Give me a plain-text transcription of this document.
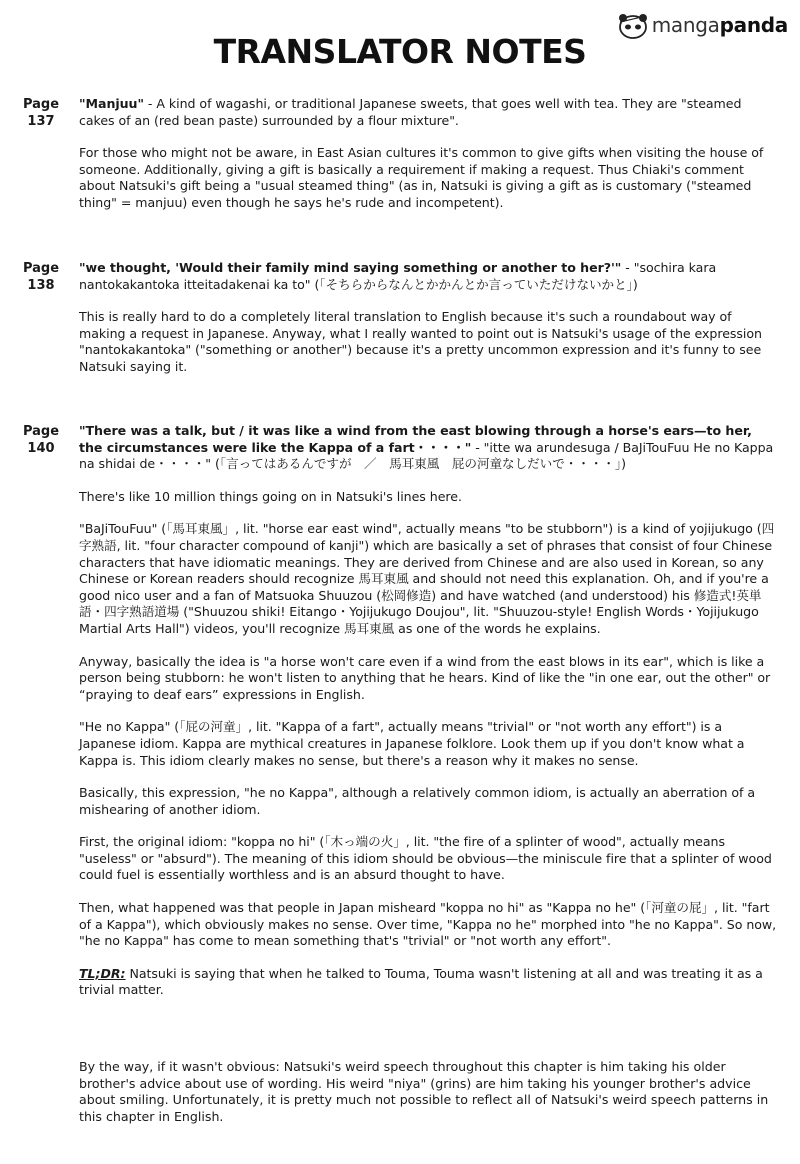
manga panda
TRANSLATOR NOTES
Page
137

"Manjuu" - A kind of wagashi, or traditional Japanese sweets, that goes well with tea. They are "steamed cakes of an (red bean paste) surrounded by a flour mixture".

For those who might not be aware, in East Asian cultures it's common to give gifts when visiting the house of someone. Additionally, giving a gift is basically a requirement if making a request. Thus Chiaki's comment about Natsuki's gift being a "usual steamed thing" (as in, Natsuki is giving a gift as is customary ("steamed thing" = manjuu) even though he says he's rude and incompetent).

Page
138

"we thought, 'Would their family mind saying something or another to her?'" - "sochira kara nantokakantoka itteitadakenai ka to" (「そちらからなんとかかんとか言っていただけないかと」)

This is really hard to do a completely literal translation to English because it's such a roundabout way of making a request in Japanese. Anyway, what I really wanted to point out is Natsuki's usage of the expression "nantokakantoka" ("something or another") because it's a pretty uncommon expression and it's funny to see Natsuki saying it.

Page
140

"There was a talk, but / it was like a wind from the east blowing through a horse's ears—to her, the circumstances were like the Kappa of a fart・・・・" - "itte wa arundesuga / BaJiTouFuu He no Kappa na shidai de・・・・" (「言ってはあるんですが　／　馬耳東風　屁の河童なしだいで・・・・」)

There's like 10 million things going on in Natsuki's lines here.

"BaJiTouFuu" (「馬耳東風」, lit. "horse ear east wind", actually means "to be stubborn") is a kind of yojijukugo (四字熟語, lit. "four character compound of kanji") which are basically a set of phrases that consist of four Chinese characters that have idiomatic meanings. They are derived from Chinese and are also used in Korean, so any Chinese or Korean readers should recognize 馬耳東風 and should not need this explanation. Oh, and if you're a good nico user and a fan of Matsuoka Shuuzou (松岡修造) and have watched (and understood) his 修造式!英単語・四字熟語道場 ("Shuuzou shiki! Eitango・Yojijukugo Doujou", lit. "Shuuzou-style! English Words・Yojijukugo Martial Arts Hall") videos, you'll recognize 馬耳東風 as one of the words he explains.

Anyway, basically the idea is "a horse won't care even if a wind from the east blows in its ear", which is like a person being stubborn: he won't listen to anything that he hears. Kind of like the "in one ear, out the other" or “praying to deaf ears” expressions in English.

"He no Kappa" (「屁の河童」, lit. "Kappa of a fart", actually means "trivial" or "not worth any effort") is a Japanese idiom. Kappa are mythical creatures in Japanese folklore. Look them up if you don't know what a Kappa is. This idiom clearly makes no sense, but there's a reason why it makes no sense.

Basically, this expression, "he no Kappa", although a relatively common idiom, is actually an aberration of a mishearing of another idiom.

First, the original idiom: "koppa no hi" (「木っ端の火」, lit. "the fire of a splinter of wood", actually means "useless" or "absurd"). The meaning of this idiom should be obvious—the miniscule fire that a splinter of wood could fuel is essentially worthless and is an absurd thought to have.

Then, what happened was that people in Japan misheard "koppa no hi" as "Kappa no he" (「河童の屁」, lit. "fart of a Kappa"), which obviously makes no sense. Over time, "Kappa no he" morphed into "he no Kappa". So now, "he no Kappa" has come to mean something that's "trivial" or "not worth any effort".

TL;DR: Natsuki is saying that when he talked to Touma, Touma wasn't listening at all and was treating it as a trivial matter.

By the way, if it wasn't obvious: Natsuki's weird speech throughout this chapter is him taking his older brother's advice about use of wording. His weird "niya" (grins) are him taking his younger brother's advice about smiling. Unfortunately, it is pretty much not possible to reflect all of Natsuki's weird speech patterns in this chapter in English.
